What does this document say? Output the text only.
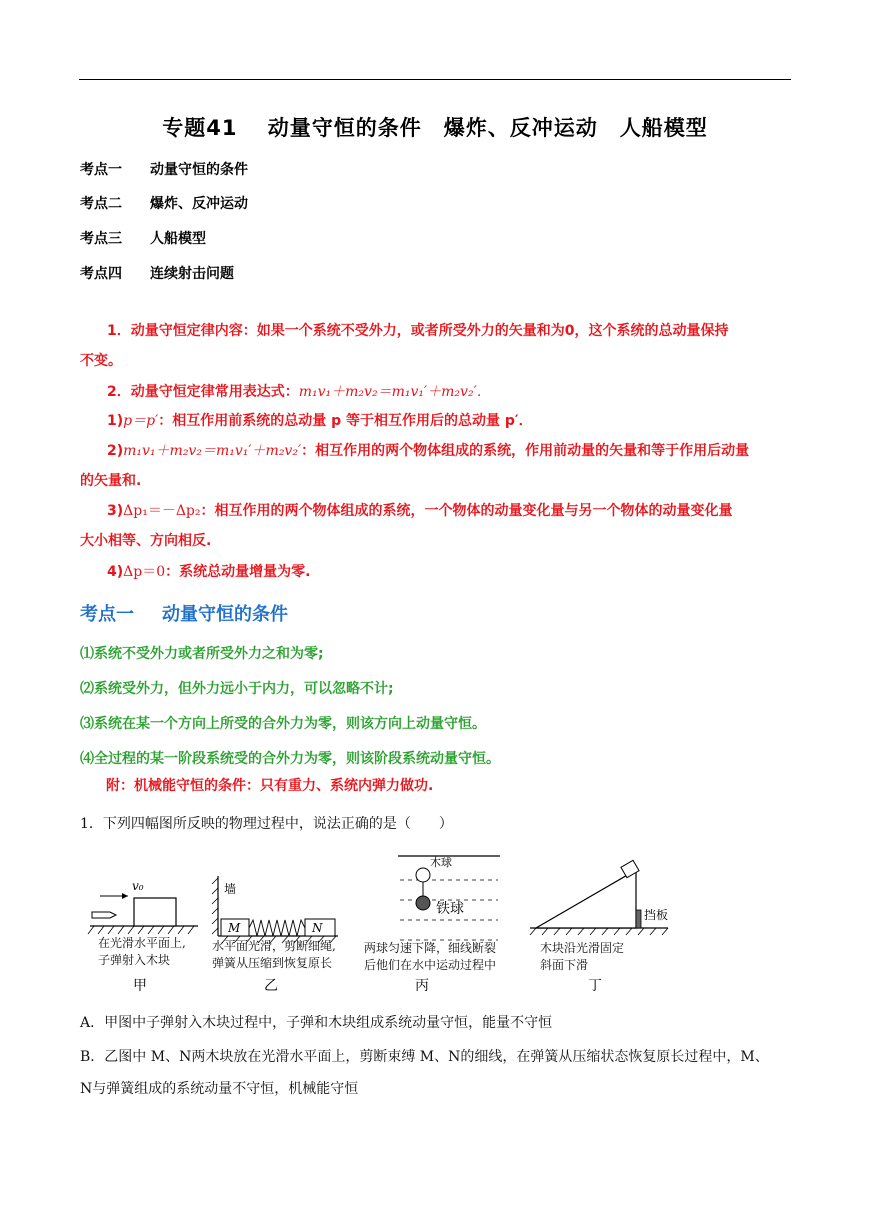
专题41　 动量守恒的条件　爆炸、反冲运动　人船模型
考点一 动量守恒的条件
考点二 爆炸、反冲运动
考点三 人船模型
考点四 连续射击问题
1．动量守恒定律内容：如果一个系统不受外力，或者所受外力的矢量和为0，这个系统的总动量保持
不变。
2．动量守恒定律常用表达式：m₁v₁＋m₂v₂＝m₁v₁′＋m₂v₂′．
1)p＝p′：相互作用前系统的总动量 p 等于相互作用后的总动量 p′．
2)m₁v₁＋m₂v₂＝m₁v₁′＋m₂v₂′：相互作用的两个物体组成的系统，作用前动量的矢量和等于作用后动量
的矢量和.
3)Δp₁＝－Δp₂：相互作用的两个物体组成的系统，一个物体的动量变化量与另一个物体的动量变化量
大小相等、方向相反.
4)Δp＝0：系统总动量增量为零.
考点一 动量守恒的条件
⑴系统不受外力或者所受外力之和为零;
⑵系统受外力，但外力远小于内力，可以忽略不计;
⑶系统在某一个方向上所受的合外力为零，则该方向上动量守恒。
⑷全过程的某一阶段系统受的合外力为零，则该阶段系统动量守恒。
附：机械能守恒的条件：只有重力、系统内弹力做功.
1．下列四幅图所反映的物理过程中，说法正确的是（　　）
v₀	墙
M	N
木球
铁球	挡板
在光滑水平面上,
子弹射入木块
水平面光滑，剪断细绳,
弹簧从压缩到恢复原长
两球匀速下降，细线断裂
后他们在水中运动过程中
木块沿光滑固定
斜面下滑
甲	乙	丙	丁
A．甲图中子弹射入木块过程中，子弹和木块组成系统动量守恒，能量不守恒
B．乙图中 M、N两木块放在光滑水平面上，剪断束缚 M、N的细线，在弹簧从压缩状态恢复原长过程中，M、
N与弹簧组成的系统动量不守恒，机械能守恒
